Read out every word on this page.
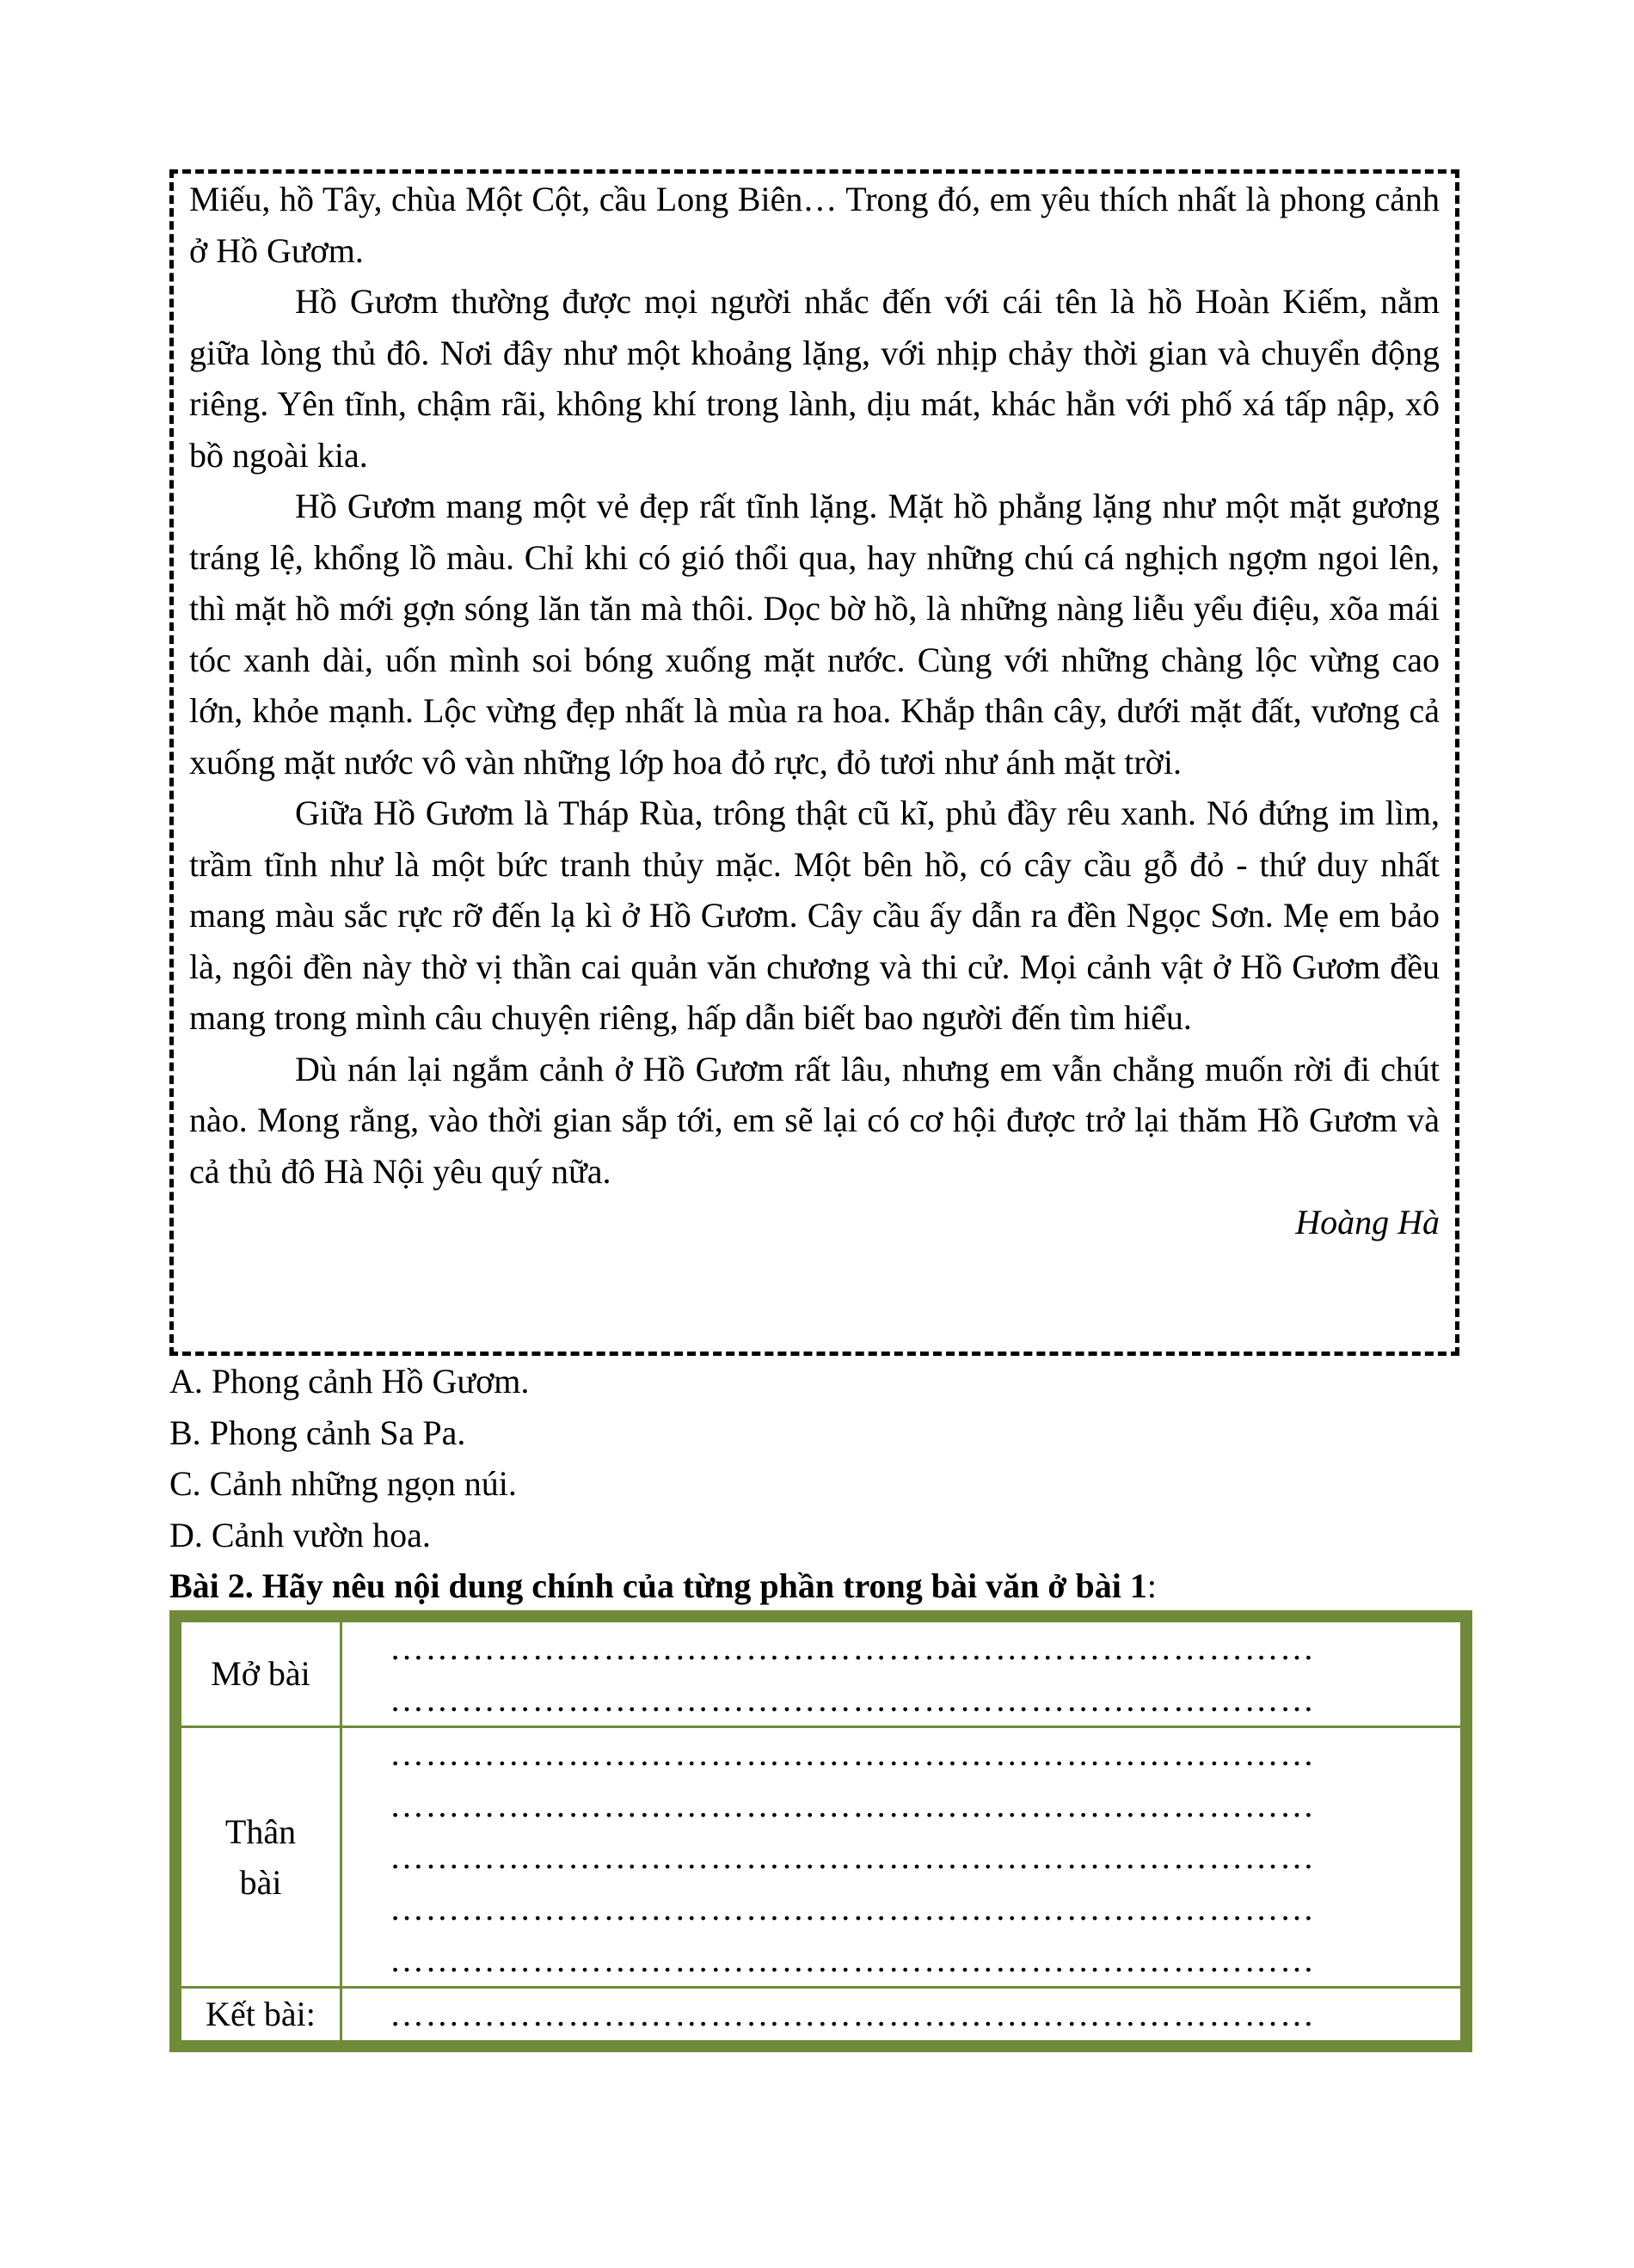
Miếu, hồ Tây, chùa Một Cột, cầu Long Biên… Trong đó, em yêu thích nhất là phong cảnh ở Hồ Gươm.

Hồ Gươm thường được mọi người nhắc đến với cái tên là hồ Hoàn Kiếm, nằm giữa lòng thủ đô. Nơi đây như một khoảng lặng, với nhịp chảy thời gian và chuyển động riêng. Yên tĩnh, chậm rãi, không khí trong lành, dịu mát, khác hẳn với phố xá tấp nập, xô bồ ngoài kia.

Hồ Gươm mang một vẻ đẹp rất tĩnh lặng. Mặt hồ phẳng lặng như một mặt gương tráng lệ, khổng lồ màu. Chỉ khi có gió thổi qua, hay những chú cá nghịch ngợm ngoi lên, thì mặt hồ mới gợn sóng lăn tăn mà thôi. Dọc bờ hồ, là những nàng liễu yểu điệu, xõa mái tóc xanh dài, uốn mình soi bóng xuống mặt nước. Cùng với những chàng lộc vừng cao lớn, khỏe mạnh. Lộc vừng đẹp nhất là mùa ra hoa. Khắp thân cây, dưới mặt đất, vương cả xuống mặt nước vô vàn những lớp hoa đỏ rực, đỏ tươi như ánh mặt trời.

Giữa Hồ Gươm là Tháp Rùa, trông thật cũ kĩ, phủ đầy rêu xanh. Nó đứng im lìm, trầm tĩnh như là một bức tranh thủy mặc. Một bên hồ, có cây cầu gỗ đỏ - thứ duy nhất mang màu sắc rực rỡ đến lạ kì ở Hồ Gươm. Cây cầu ấy dẫn ra đền Ngọc Sơn. Mẹ em bảo là, ngôi đền này thờ vị thần cai quản văn chương và thi cử. Mọi cảnh vật ở Hồ Gươm đều mang trong mình câu chuyện riêng, hấp dẫn biết bao người đến tìm hiểu.

Dù nán lại ngắm cảnh ở Hồ Gươm rất lâu, nhưng em vẫn chẳng muốn rời đi chút nào. Mong rằng, vào thời gian sắp tới, em sẽ lại có cơ hội được trở lại thăm Hồ Gươm và cả thủ đô Hà Nội yêu quý nữa.

Hoàng Hà

A. Phong cảnh Hồ Gươm.
B. Phong cảnh Sa Pa.
C. Cảnh những ngọn núi.
D. Cảnh vườn hoa.
Bài 2. Hãy nêu nội dung chính của từng phần trong bài văn ở bài 1:
Mở bài	……………………………………………………………………
……………………………………………………………………

Thân bài	……………………………………………………………………
……………………………………………………………………
……………………………………………………………………
……………………………………………………………………
……………………………………………………………………

Kết bài:	……………………………………………………………………
